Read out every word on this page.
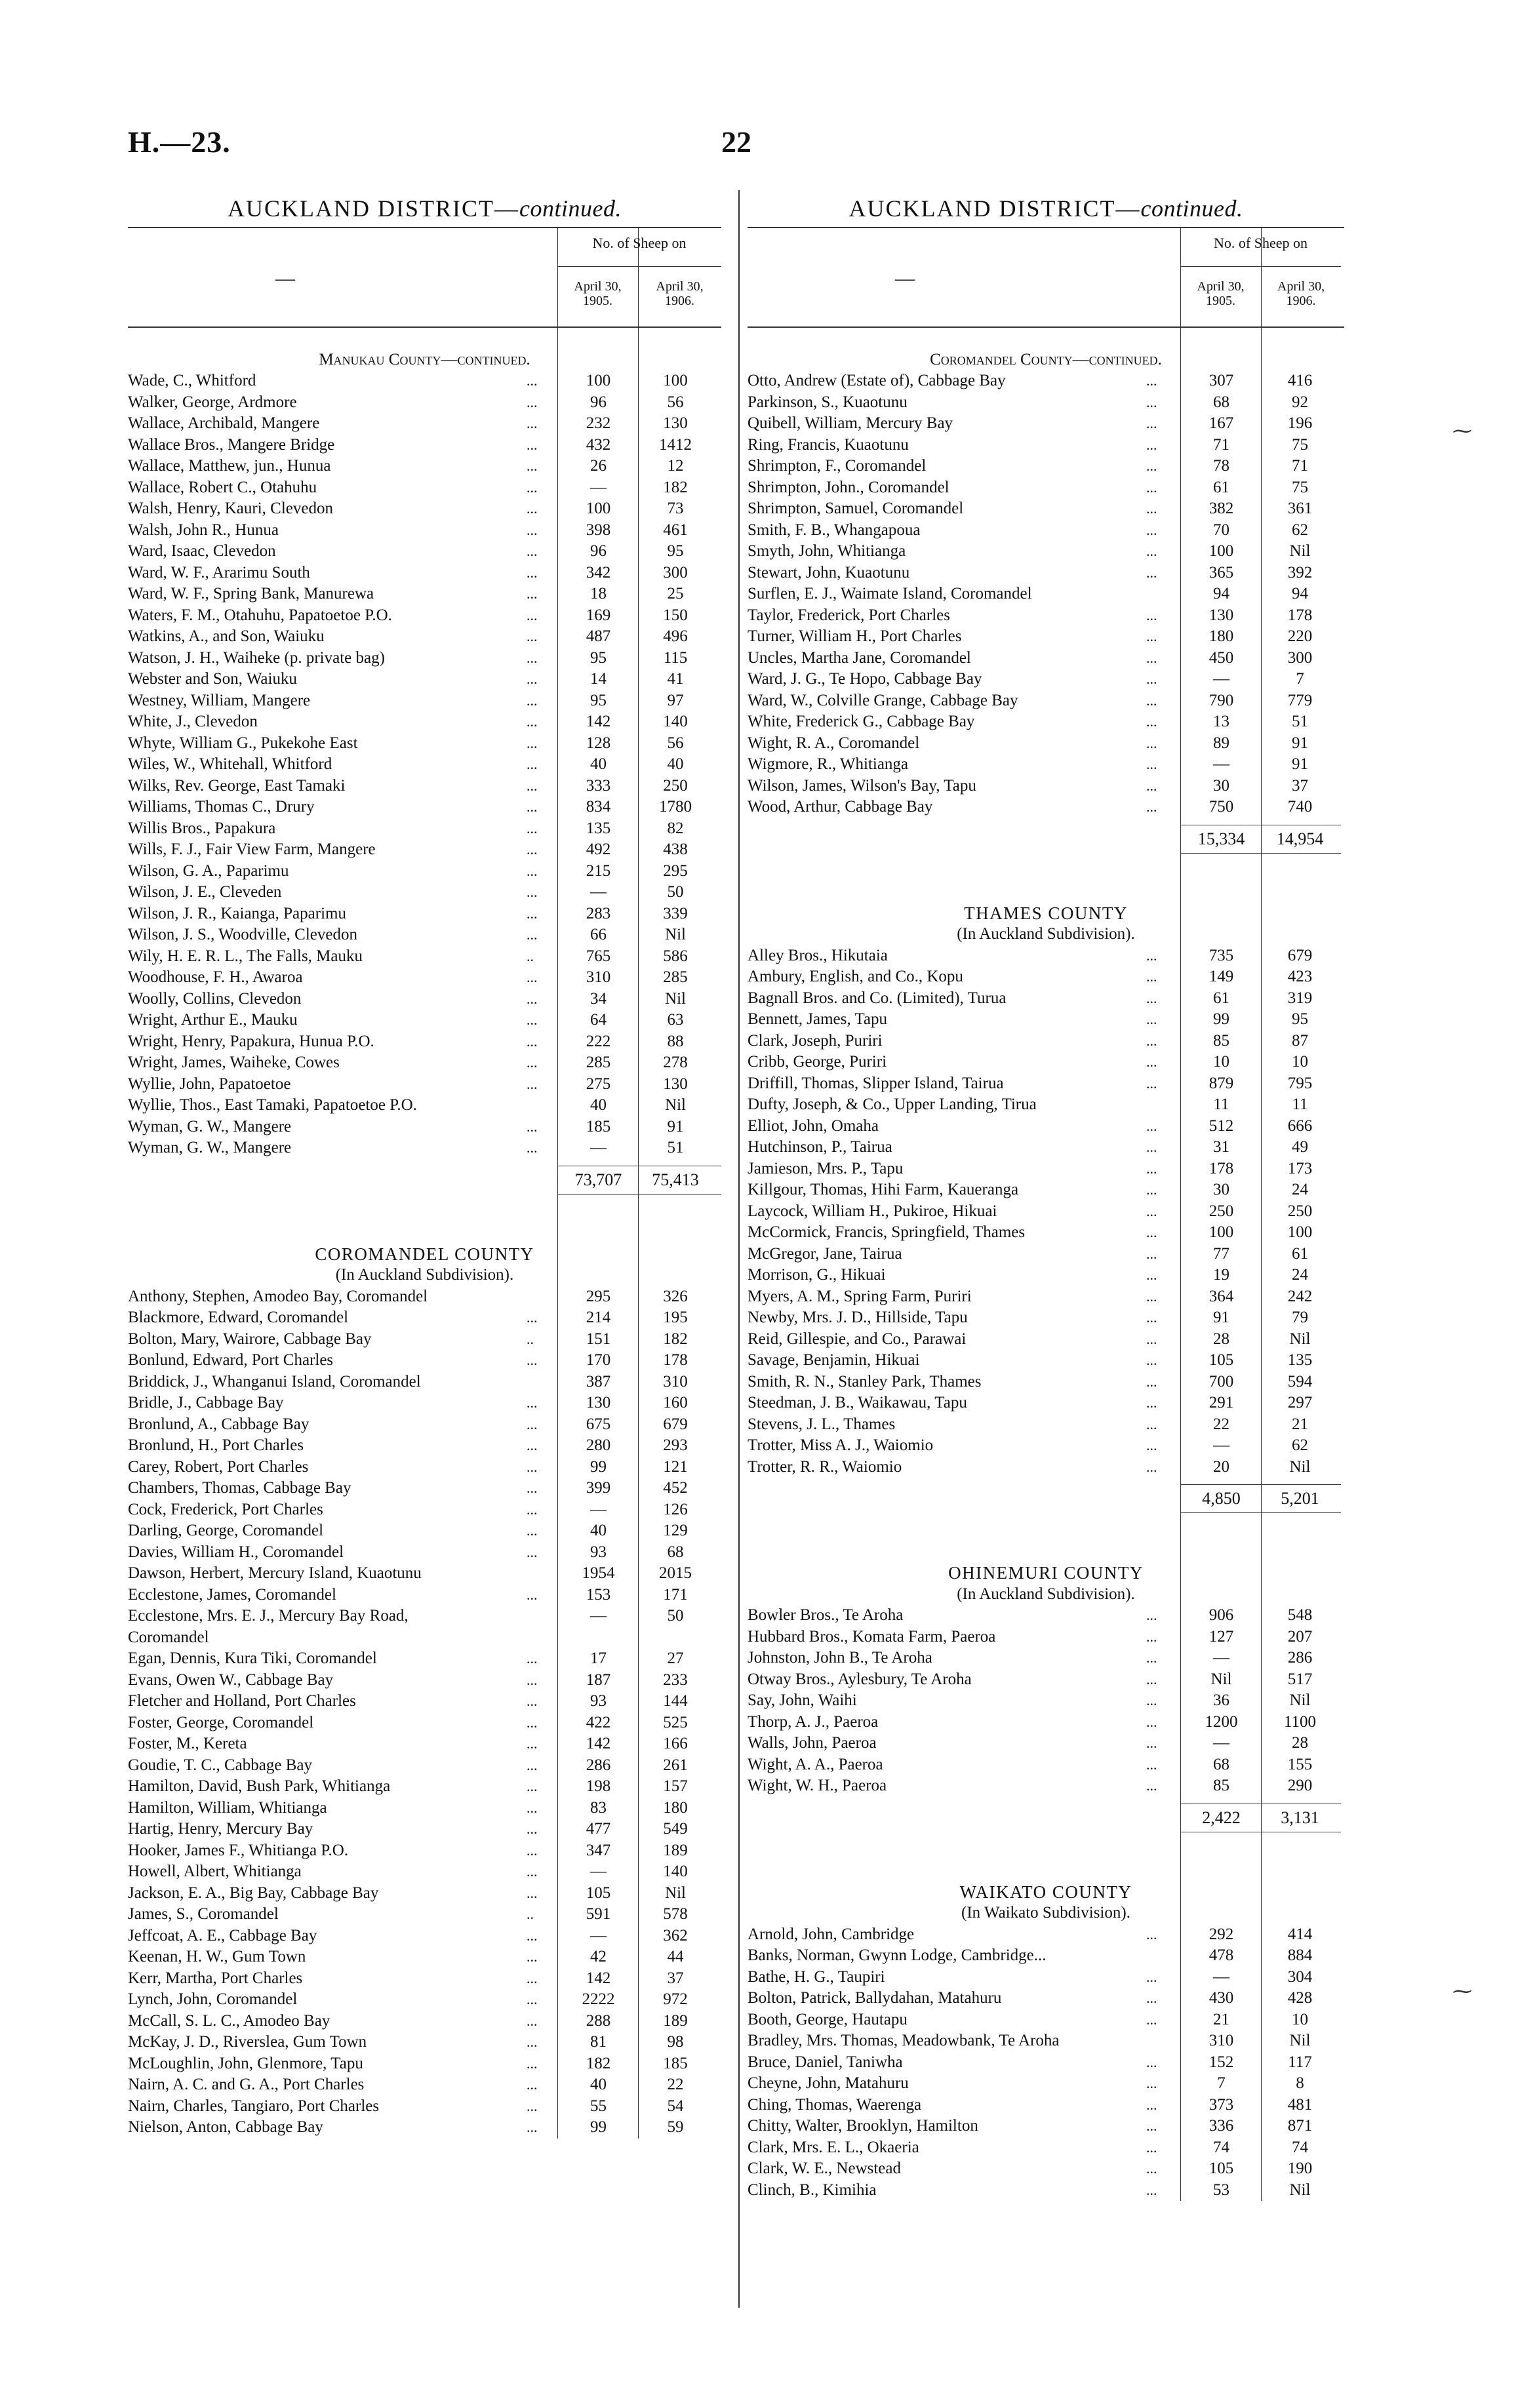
H.—23.	22
AUCKLAND DISTRICT—continued.
—
No. of Sheep on
April 30,
1905.
April 30,
1906.
Manukau County—continued.
Wade, C., Whitford	...	100	100
Walker, George, Ardmore	...	96	56
Wallace, Archibald, Mangere	...	232	130
Wallace Bros., Mangere Bridge	...	432	1412
Wallace, Matthew, jun., Hunua	...	26	12
Wallace, Robert C., Otahuhu	...	—	182
Walsh, Henry, Kauri, Clevedon	...	100	73
Walsh, John R., Hunua	...	398	461
Ward, Isaac, Clevedon	...	96	95
Ward, W. F., Ararimu South	...	342	300
Ward, W. F., Spring Bank, Manurewa	...	18	25
Waters, F. M., Otahuhu, Papatoetoe P.O.	...	169	150
Watkins, A., and Son, Waiuku	...	487	496
Watson, J. H., Waiheke (p. private bag)	...	95	115
Webster and Son, Waiuku	...	14	41
Westney, William, Mangere	...	95	97
White, J., Clevedon	...	142	140
Whyte, William G., Pukekohe East	...	128	56
Wiles, W., Whitehall, Whitford	...	40	40
Wilks, Rev. George, East Tamaki	...	333	250
Williams, Thomas C., Drury	...	834	1780
Willis Bros., Papakura	...	135	82
Wills, F. J., Fair View Farm, Mangere	...	492	438
Wilson, G. A., Paparimu	...	215	295
Wilson, J. E., Cleveden	...	—	50
Wilson, J. R., Kaianga, Paparimu	...	283	339
Wilson, J. S., Woodville, Clevedon	...	66	Nil
Wily, H. E. R. L., The Falls, Mauku	..	765	586
Woodhouse, F. H., Awaroa	...	310	285
Woolly, Collins, Clevedon	...	34	Nil
Wright, Arthur E., Mauku	...	64	63
Wright, Henry, Papakura, Hunua P.O.	...	222	88
Wright, James, Waiheke, Cowes	...	285	278
Wyllie, John, Papatoetoe	...	275	130
Wyllie, Thos., East Tamaki, Papatoetoe P.O.	40	Nil
Wyman, G. W., Mangere	...	185	91
Wyman, G. W., Mangere	...	—	51
73,707	75,413
COROMANDEL COUNTY
(In Auckland Subdivision).
Anthony, Stephen, Amodeo Bay, Coromandel	295	326
Blackmore, Edward, Coromandel	...	214	195
Bolton, Mary, Wairore, Cabbage Bay	..	151	182
Bonlund, Edward, Port Charles	...	170	178
Briddick, J., Whanganui Island, Coromandel	387	310
Bridle, J., Cabbage Bay	...	130	160
Bronlund, A., Cabbage Bay	...	675	679
Bronlund, H., Port Charles	...	280	293
Carey, Robert, Port Charles	...	99	121
Chambers, Thomas, Cabbage Bay	...	399	452
Cock, Frederick, Port Charles	...	—	126
Darling, George, Coromandel	...	40	129
Davies, William H., Coromandel	...	93	68
Dawson, Herbert, Mercury Island, Kuaotunu	1954	2015
Ecclestone, James, Coromandel	...	153	171
Ecclestone, Mrs. E. J., Mercury Bay Road,	—	50
Coromandel
Egan, Dennis, Kura Tiki, Coromandel	...	17	27
Evans, Owen W., Cabbage Bay	...	187	233
Fletcher and Holland, Port Charles	...	93	144
Foster, George, Coromandel	...	422	525
Foster, M., Kereta	...	142	166
Goudie, T. C., Cabbage Bay	...	286	261
Hamilton, David, Bush Park, Whitianga	...	198	157
Hamilton, William, Whitianga	...	83	180
Hartig, Henry, Mercury Bay	...	477	549
Hooker, James F., Whitianga P.O.	...	347	189
Howell, Albert, Whitianga	...	—	140
Jackson, E. A., Big Bay, Cabbage Bay	...	105	Nil
James, S., Coromandel	..	591	578
Jeffcoat, A. E., Cabbage Bay	...	—	362
Keenan, H. W., Gum Town	...	42	44
Kerr, Martha, Port Charles	...	142	37
Lynch, John, Coromandel	...	2222	972
McCall, S. L. C., Amodeo Bay	...	288	189
McKay, J. D., Riverslea, Gum Town	...	81	98
McLoughlin, John, Glenmore, Tapu	...	182	185
Nairn, A. C. and G. A., Port Charles	...	40	22
Nairn, Charles, Tangiaro, Port Charles	...	55	54
Nielson, Anton, Cabbage Bay	...	99	59
AUCKLAND DISTRICT—continued.
—
No. of Sheep on
April 30,
1905.
April 30,
1906.
Coromandel County—continued.
Otto, Andrew (Estate of), Cabbage Bay	...	307	416
Parkinson, S., Kuaotunu	...	68	92
Quibell, William, Mercury Bay	...	167	196
Ring, Francis, Kuaotunu	...	71	75
Shrimpton, F., Coromandel	...	78	71
Shrimpton, John., Coromandel	...	61	75
Shrimpton, Samuel, Coromandel	...	382	361
Smith, F. B., Whangapoua	...	70	62
Smyth, John, Whitianga	...	100	Nil
Stewart, John, Kuaotunu	...	365	392
Surflen, E. J., Waimate Island, Coromandel	94	94
Taylor, Frederick, Port Charles	...	130	178
Turner, William H., Port Charles	...	180	220
Uncles, Martha Jane, Coromandel	...	450	300
Ward, J. G., Te Hopo, Cabbage Bay	...	—	7
Ward, W., Colville Grange, Cabbage Bay	...	790	779
White, Frederick G., Cabbage Bay	...	13	51
Wight, R. A., Coromandel	...	89	91
Wigmore, R., Whitianga	...	—	91
Wilson, James, Wilson's Bay, Tapu	...	30	37
Wood, Arthur, Cabbage Bay	...	750	740
15,334	14,954
THAMES COUNTY
(In Auckland Subdivision).
Alley Bros., Hikutaia	...	735	679
Ambury, English, and Co., Kopu	...	149	423
Bagnall Bros. and Co. (Limited), Turua	...	61	319
Bennett, James, Tapu	...	99	95
Clark, Joseph, Puriri	...	85	87
Cribb, George, Puriri	...	10	10
Driffill, Thomas, Slipper Island, Tairua	...	879	795
Dufty, Joseph, & Co., Upper Landing, Tirua	11	11
Elliot, John, Omaha	...	512	666
Hutchinson, P., Tairua	...	31	49
Jamieson, Mrs. P., Tapu	...	178	173
Killgour, Thomas, Hihi Farm, Kaueranga	...	30	24
Laycock, William H., Pukiroe, Hikuai	...	250	250
McCormick, Francis, Springfield, Thames	...	100	100
McGregor, Jane, Tairua	...	77	61
Morrison, G., Hikuai	...	19	24
Myers, A. M., Spring Farm, Puriri	...	364	242
Newby, Mrs. J. D., Hillside, Tapu	...	91	79
Reid, Gillespie, and Co., Parawai	...	28	Nil
Savage, Benjamin, Hikuai	...	105	135
Smith, R. N., Stanley Park, Thames	...	700	594
Steedman, J. B., Waikawau, Tapu	...	291	297
Stevens, J. L., Thames	...	22	21
Trotter, Miss A. J., Waiomio	...	—	62
Trotter, R. R., Waiomio	...	20	Nil
4,850	5,201
OHINEMURI COUNTY
(In Auckland Subdivision).
Bowler Bros., Te Aroha	...	906	548
Hubbard Bros., Komata Farm, Paeroa	...	127	207
Johnston, John B., Te Aroha	...	—	286
Otway Bros., Aylesbury, Te Aroha	...	Nil	517
Say, John, Waihi	...	36	Nil
Thorp, A. J., Paeroa	...	1200	1100
Walls, John, Paeroa	...	—	28
Wight, A. A., Paeroa	...	68	155
Wight, W. H., Paeroa	...	85	290
2,422	3,131
WAIKATO COUNTY
(In Waikato Subdivision).
Arnold, John, Cambridge	...	292	414
Banks, Norman, Gwynn Lodge, Cambridge...	478	884
Bathe, H. G., Taupiri	...	—	304
Bolton, Patrick, Ballydahan, Matahuru	...	430	428
Booth, George, Hautapu	...	21	10
Bradley, Mrs. Thomas, Meadowbank, Te Aroha	310	Nil
Bruce, Daniel, Taniwha	...	152	117
Cheyne, John, Matahuru	...	7	8
Ching, Thomas, Waerenga	...	373	481
Chitty, Walter, Brooklyn, Hamilton	...	336	871
Clark, Mrs. E. L., Okaeria	...	74	74
Clark, W. E., Newstead	...	105	190
Clinch, B., Kimihia	...	53	Nil
⁓
⁓
